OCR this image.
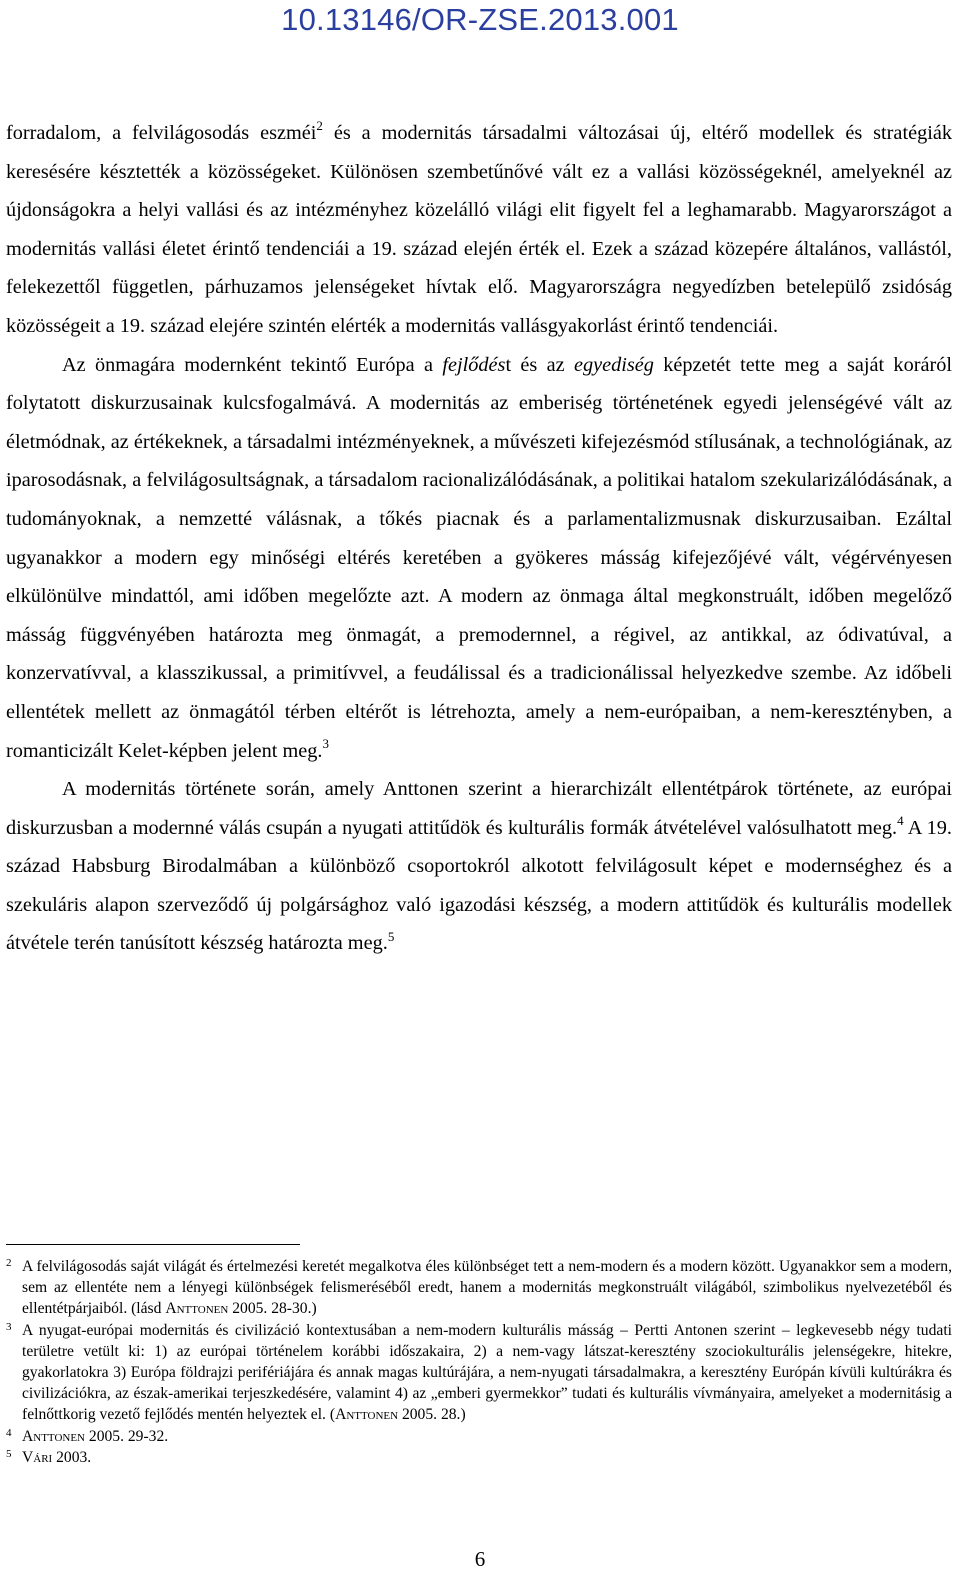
10.13146/OR-ZSE.2013.001

forradalom, a felvilágosodás eszméi$^2$ és a modernitás társadalmi változásai új, eltérő modellek és stratégiák keresésére késztették a közösségeket. Különösen szembetűnővé vált ez a vallási közösségeknél, amelyeknél az újdonságokra a helyi vallási és az intézményhez közelálló világi elit figyelt fel a leghamarabb. Magyarországot a modernitás vallási életet érintő tendenciái a 19. század elején érték el. Ezek a század közepére általános, vallástól, felekezettől független, párhuzamos jelenségeket hívtak elő. Magyarországra negyedízben betelepülő zsidóság közösségeit a 19. század elejére szintén elérték a modernitás vallásgyakorlást érintő tendenciái.

Az önmagára modernként tekintő Európa a fejlődést és az egyediség képzetét tette meg a saját koráról folytatott diskurzusainak kulcsfogalmává. A modernitás az emberiség történetének egyedi jelenségévé vált az életmódnak, az értékeknek, a társadalmi intézményeknek, a művészeti kifejezésmód stílusának, a technológiának, az iparosodásnak, a felvilágosultságnak, a társadalom racionalizálódásának, a politikai hatalom szekularizálódásának, a tudományoknak, a nemzetté válásnak, a tőkés piacnak és a parlamentalizmusnak diskurzusaiban. Ezáltal ugyanakkor a modern egy minőségi eltérés keretében a gyökeres másság kifejezőjévé vált, végérvényesen elkülönülve mindattól, ami időben megelőzte azt. A modern az önmaga által megkonstruált, időben megelőző másság függvényében határozta meg önmagát, a premodernnel, a régivel, az antikkal, az ódivatúval, a konzervatívval, a klasszikussal, a primitívvel, a feudálissal és a tradicionálissal helyezkedve szembe. Az időbeli ellentétek mellett az önmagától térben eltérőt is létrehozta, amely a nem-európaiban, a nem-keresztényben, a romanticizált Kelet-képben jelent meg.$^3$

A modernitás története során, amely Anttonen szerint a hierarchizált ellentétpárok története, az európai diskurzusban a modernné válás csupán a nyugati attitűdök és kulturális formák átvételével valósulhatott meg.$^4$ A 19. század Habsburg Birodalmában a különböző csoportokról alkotott felvilágosult képet e modernséghez és a szekuláris alapon szerveződő új polgársághoz való igazodási készség, a modern attitűdök és kulturális modellek átvétele terén tanúsított készség határozta meg.$^5$

2 A felvilágosodás saját világát és értelmezési keretét megalkotva éles különbséget tett a nem-modern és a modern között. Ugyanakkor sem a modern, sem az ellentéte nem a lényegi különbségek felismeréséből eredt, hanem a modernitás megkonstruált világából, szimbolikus nyelvezetéből és ellentétpárjaiból. (lásd Anttonen 2005. 28-30.)
3 A nyugat-európai modernitás és civilizáció kontextusában a nem-modern kulturális másság – Pertti Antonen szerint – legkevesebb négy tudati területre vetült ki: 1) az európai történelem korábbi időszakaira, 2) a nem-vagy látszat-keresztény szociokulturális jelenségekre, hitekre, gyakorlatokra 3) Európa földrajzi perifériájára és annak magas kultúrájára, a nem-nyugati társadalmakra, a keresztény Európán kívüli kultúrákra és civilizációkra, az észak-amerikai terjeszkedésére, valamint 4) az „emberi gyermekkor” tudati és kulturális vívmányaira, amelyeket a modernitásig a felnőttkorig vezető fejlődés mentén helyeztek el. (Anttonen 2005. 28.)
4 Anttonen 2005. 29-32.
5 Vári 2003.
6
